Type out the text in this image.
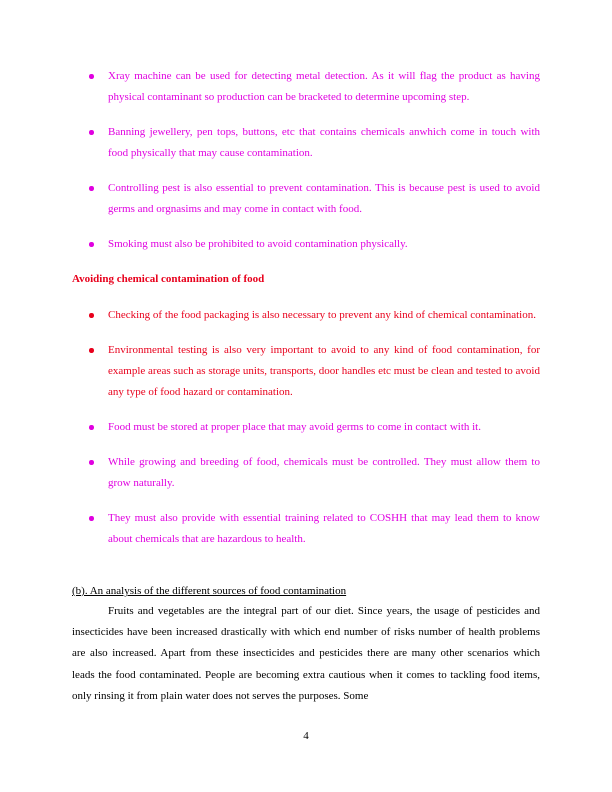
Xray machine can be used for detecting metal detection. As it will flag the product as having physical contaminant so production can be bracketed to determine upcoming step.
Banning jewellery, pen tops, buttons, etc that contains chemicals anwhich come in touch with food physically that may cause contamination.
Controlling pest is also essential to prevent contamination. This is because pest is used to avoid germs and orgnasims and may come in contact with food.
Smoking must also be prohibited to avoid contamination physically.
Avoiding chemical contamination of food
Checking of the food packaging is also necessary to prevent any kind of chemical contamination.
Environmental testing is also very important to avoid to any kind of food contamination, for example areas such as storage units, transports, door handles etc must be clean and tested to avoid any type of food hazard or contamination.
Food must be stored at proper place that may avoid germs to come in contact with it.
While growing and breeding of food, chemicals must be controlled. They must allow them to grow naturally.
They must also provide with essential training related to COSHH that may lead them to know about chemicals that are hazardous to health.
(b). An analysis of the different sources of food contamination
Fruits and vegetables are the integral part of our diet. Since years, the usage of pesticides and insecticides have been increased drastically with which end number of risks number of health problems are also increased. Apart from these insecticides and pesticides there are many other scenarios which leads the food contaminated. People are becoming extra cautious when it comes to tackling food items, only rinsing it from plain water does not serves the purposes. Some
4
